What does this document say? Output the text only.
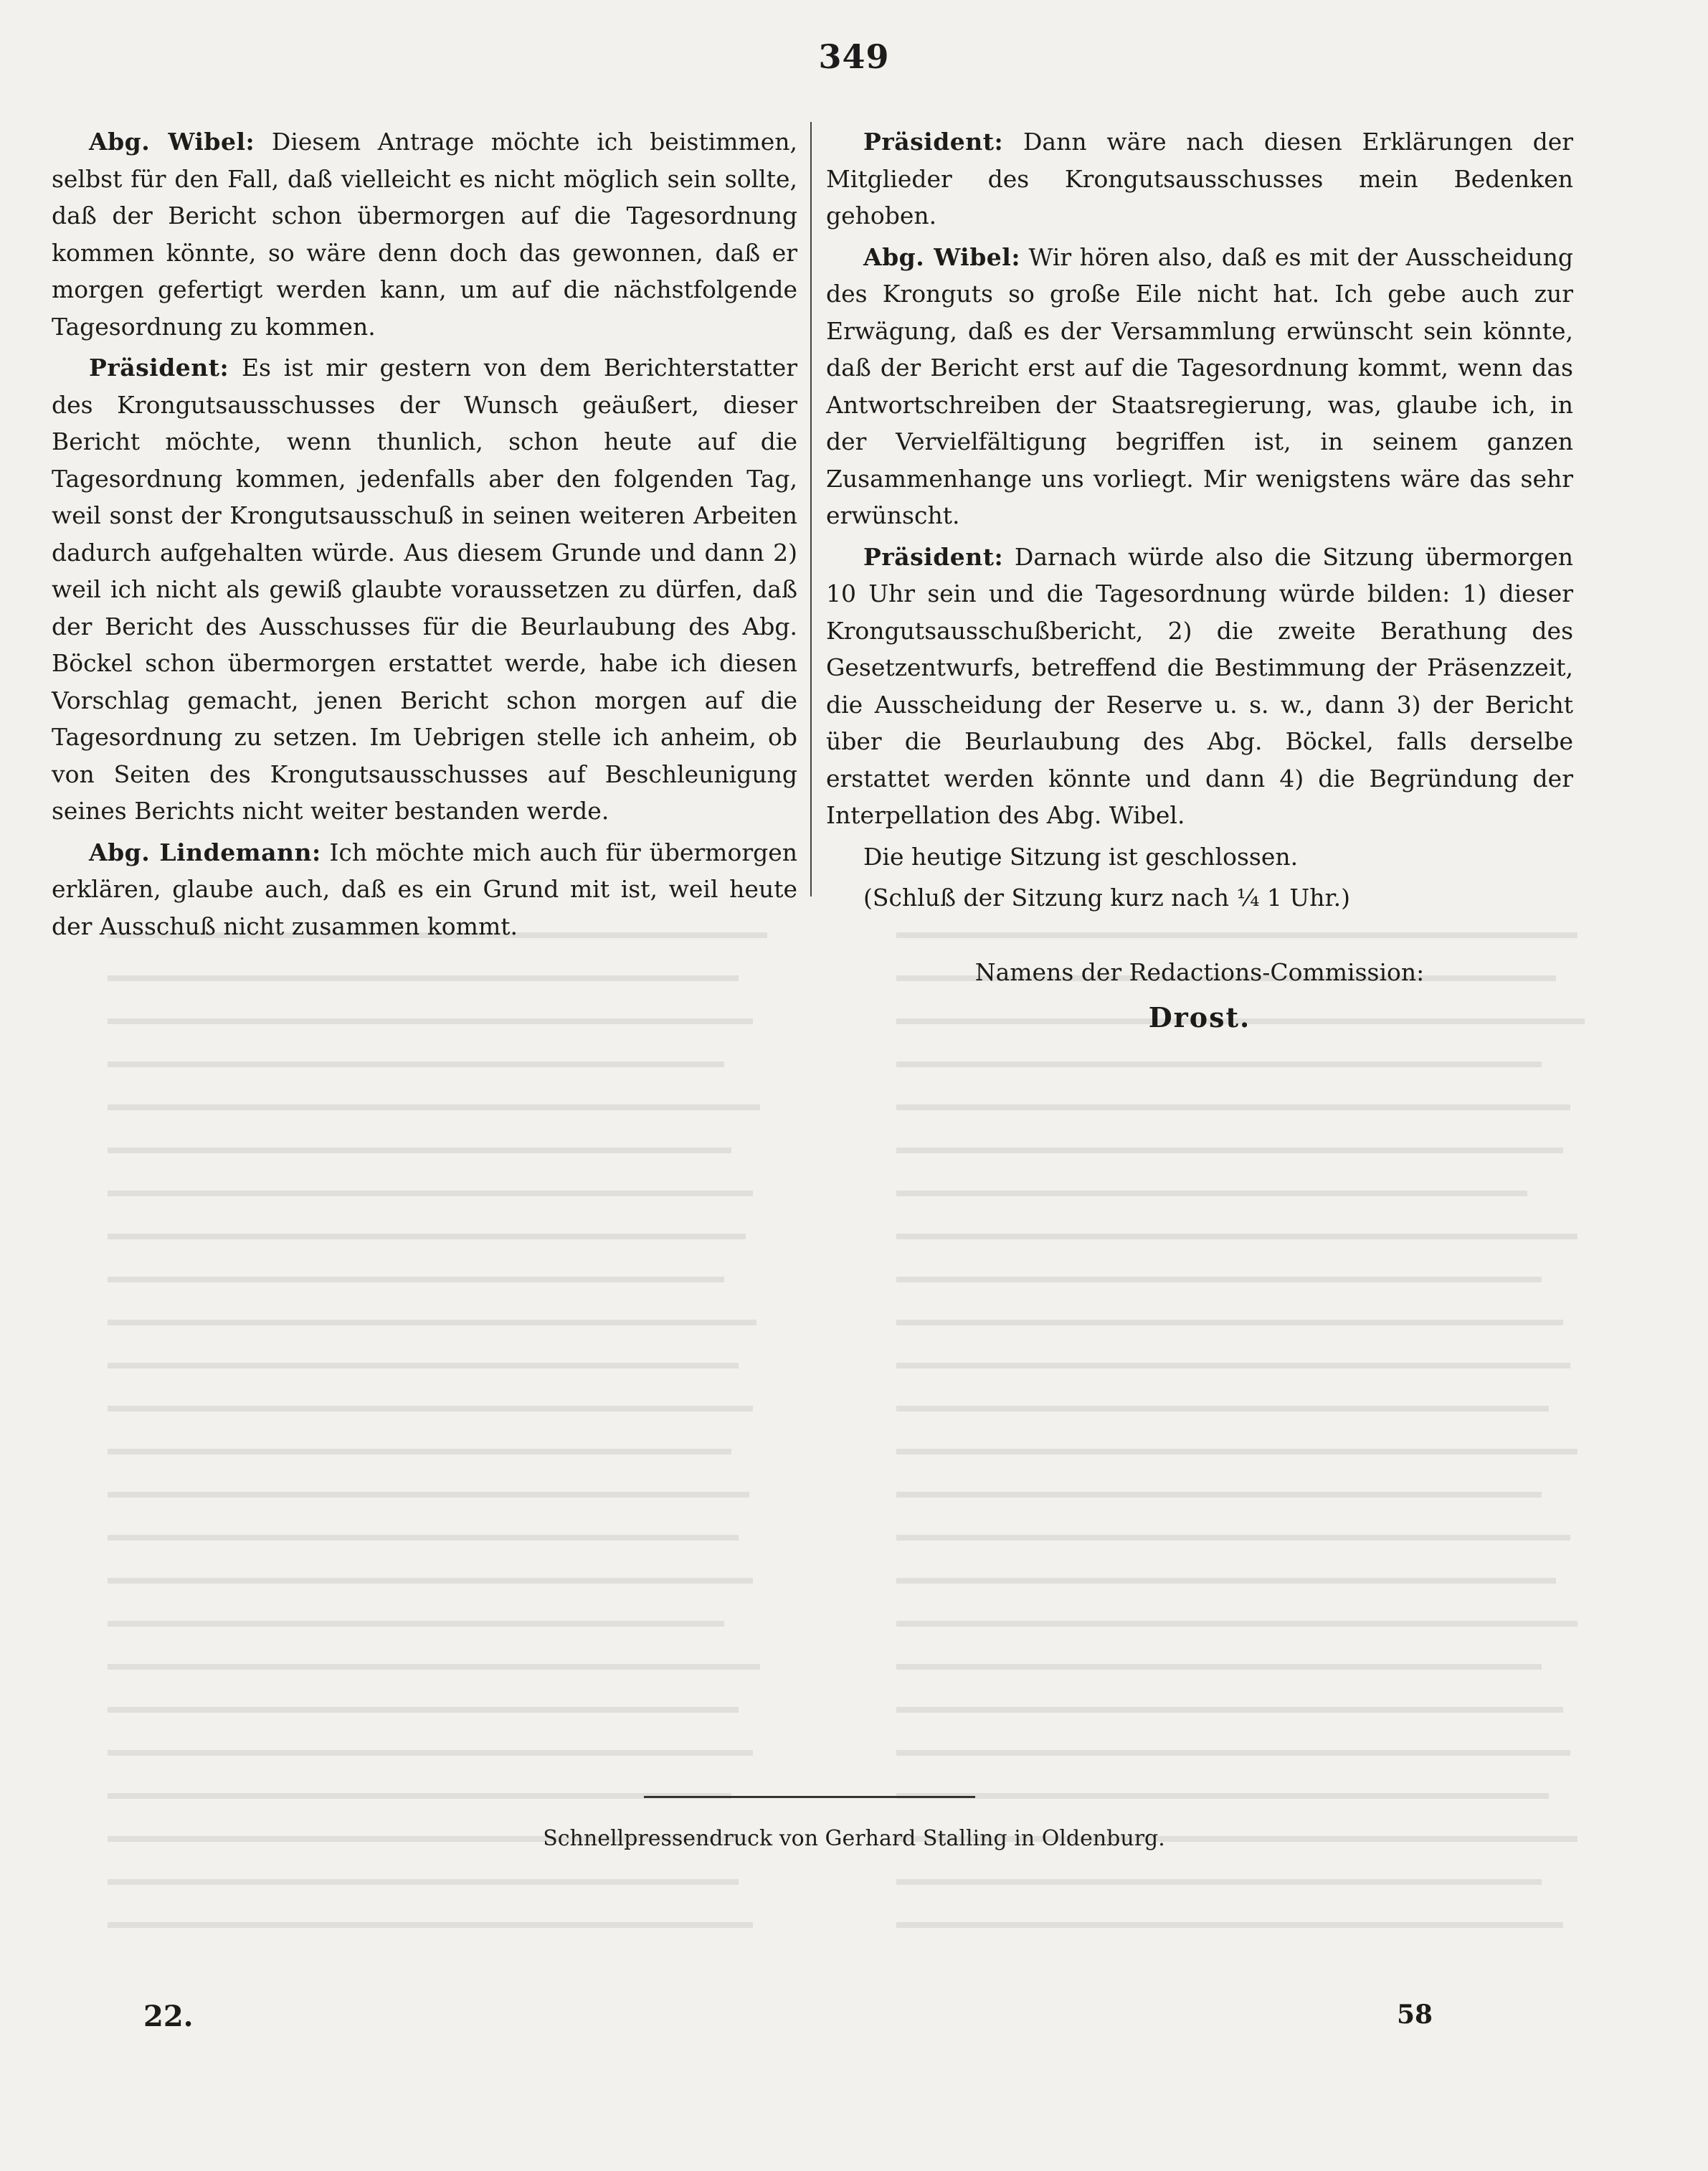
349

Abg. Wibel: Diesem Antrage möchte ich beistimmen, selbst für den Fall, daß vielleicht es nicht möglich sein sollte, daß der Bericht schon übermorgen auf die Tagesordnung kommen könnte, so wäre denn doch das gewonnen, daß er morgen gefertigt werden kann, um auf die nächstfolgende Tagesordnung zu kommen.

Präsident: Es ist mir gestern von dem Berichterstatter des Krongutsausschusses der Wunsch geäußert, dieser Bericht möchte, wenn thunlich, schon heute auf die Tagesordnung kommen, jedenfalls aber den folgenden Tag, weil sonst der Krongutsausschuß in seinen weiteren Arbeiten dadurch aufgehalten würde. Aus diesem Grunde und dann 2) weil ich nicht als gewiß glaubte voraussetzen zu dürfen, daß der Bericht des Ausschusses für die Beurlaubung des Abg. Böckel schon übermorgen erstattet werde, habe ich diesen Vorschlag gemacht, jenen Bericht schon morgen auf die Tagesordnung zu setzen. Im Uebrigen stelle ich anheim, ob von Seiten des Krongutsausschusses auf Beschleunigung seines Berichts nicht weiter bestanden werde.

Abg. Lindemann: Ich möchte mich auch für übermorgen erklären, glaube auch, daß es ein Grund mit ist, weil heute der Ausschuß nicht zusammen kommt.

Präsident: Dann wäre nach diesen Erklärungen der Mitglieder des Krongutsausschusses mein Bedenken gehoben.

Abg. Wibel: Wir hören also, daß es mit der Ausscheidung des Kronguts so große Eile nicht hat. Ich gebe auch zur Erwägung, daß es der Versammlung erwünscht sein könnte, daß der Bericht erst auf die Tagesordnung kommt, wenn das Antwortschreiben der Staatsregierung, was, glaube ich, in der Vervielfältigung begriffen ist, in seinem ganzen Zusammenhange uns vorliegt. Mir wenigstens wäre das sehr erwünscht.

Präsident: Darnach würde also die Sitzung übermorgen 10 Uhr sein und die Tagesordnung würde bilden: 1) dieser Krongutsausschußbericht, 2) die zweite Berathung des Gesetzentwurfs, betreffend die Bestimmung der Präsenzzeit, die Ausscheidung der Reserve u. s. w., dann 3) der Bericht über die Beurlaubung des Abg. Böckel, falls derselbe erstattet werden könnte und dann 4) die Begründung der Interpellation des Abg. Wibel.

Die heutige Sitzung ist geschlossen.

(Schluß der Sitzung kurz nach ¼ 1 Uhr.)

Namens der Redactions-Commission:

Drost.

Schnellpressendruck von Gerhard Stalling in Oldenburg.
22.	58
